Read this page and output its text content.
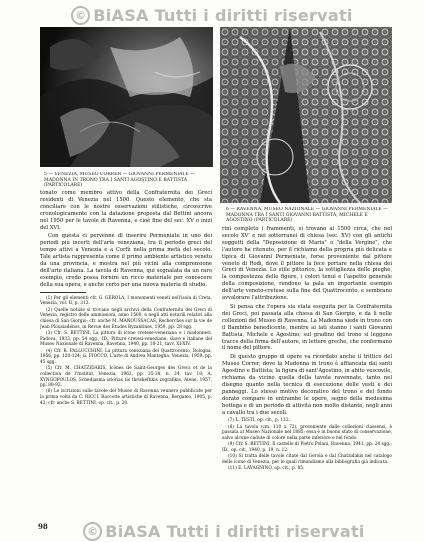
© BiASA Tutti i diritti riservati
5 — VENEZIA, MUSEO CORRER — GIOVANNI PERMENIATE — MADONNA IN TRONO TRA I SANTI AGOSTINO E BATTISTA (PARTICOLARE)
6 — RAVENNA, MUSEO NAZIONALE — GIOVANNI PERMENIATE — MADONNA TRA I SANTI GIOVANNI BATTISTA, MICHELE E AGOSTINO (PARTICOLARE)

tonato come membro attivo della Confraternita dei Greci residenti di Venezia nel 1500. Questo elemento, che sta conciliare con le nostre osservazioni stilistiche, circoscrive cronologicamente con la datazione proposta dal Bettini ancora nel 1950 per le tavole di Ravenna, e cioè fine del sec. XV o inizi del XVI.

Con questa ci pervenne di inserire Permeniate in uno dei periodi più incerti dell'arte veneziana, tra il periodo greci del tempo attivi a Venezia e a Corfù nella prima metà del secolo. Tale artista rappresenta come il primo ambiente artistico veneto da una provincia, e mostra nel più vicini alla comprensione dell'arte italiana. La tavola di Ravenna, qui segnalata da un raro esempio, credo possa fornire un ricco materiale per conoscere della sua opera, e anche certo per una nuova materia di studio.

(1) Per gli elementi cfr. G. GEROLA, I monumenti veneti nell'isola di Creta, Venezia, vol. II, p. 313.

(2) Quelle notizie si trovano negli archivi della Confraternita dei Greci di Venezia, registro delle ammissioni, anno 1500, e negli atti notarili relativi alla chiesa di San Giorgio; cfr. anche M. MANOUSSACAS, Recherches sur la vie de Jean Plousiadénos, in Revue des Études Byzantines, 1959, pp. 28 sgg.

(3) Cfr. S. BETTINI, La pittura di icone cretese-veneziana e i madonneri, Padova, 1933, pp. 54 sgg.; ID., Pitture cretesi-veneziane, slave e italiane del Museo Nazionale di Ravenna, Ravenna, 1940, pp. 18-21, tavv. XI-XIV.

(4) Cfr. R. PALLUCCHINI, La pittura veneziana del Quattrocento, Bologna, 1956, pp. 120-124; G. FIOCCO, L'arte di Andrea Mantegna, Venezia, 1959, pp. 45 sgg.

(5) Cfr. M. CHATZIDAKIS, Icônes de Saint-Georges des Grecs et de la collection de l'Institut, Venezia, 1962, pp. 35-38, n. 24, tav. 18; A. XYNGOPOULOS, Schediasma istorias tis thriskeftikis zografikis, Atene, 1957, pp. 88-92.

(6) Le iscrizioni sulle tavole del Museo di Ravenna vennero pubblicate per la prima volta da C. RICCI, Raccolte artistiche di Ravenna, Bergamo, 1905, p. 42; cfr. anche S. BETTINI, op. cit., p. 20.

rini completo i frammenti, si trovano al 1500 circa, che nel secolo XV' e nei sotterranei di chiesa (sec. XV) con gli antichi soggetti della "Deposizione di Maria" o "della Vergine", che l'autore ha ritenuto, per il richiamo della propria più delicata e tipica di Giovanni Permeniate, forse proveniente dal pittore veneto di Rodi, dove il pittore la fece portare nella chiesa dei Greci di Venezia. Lo stile pittorico, la sottigliezza delle pieghe, la compostezza delle figure, i colori tenui e l'aspetto generale della composizione, rendono la pala un importante esempio dell'arte veneto-cretese sulla fine del Quattrocento, e sembrano avvalorare l'attribuzione.

Si pensa che l'opera sia stata eseguita per la Confraternita dei Greci, poi passata alla chiesa di San Giorgio, e da lì nelle collezioni del Museo di Ravenna. La Madonna siede in trono con il Bambino benedicente, mentre ai lati stanno i santi Giovanni Battista, Michele e Agostino; sul gradino del trono si leggono tracce della firma dell'autore, in lettere greche, che confermano il nome del pittore.

Di questo gruppo di opere va ricordato anche il trittico del Museo Correr, dove la Madonna in trono è affiancata dai santi Agostino e Battista; la figura di sant'Agostino, in abito vescovile, richiama da vicino quella della tavola ravennate, tanto nel disegno quanto nella tecnica di esecuzione delle vesti e dei panneggi. Lo stesso motivo decorativo del trono e del fondo dorato compare in entrambe le opere, segno della medesima bottega e di un periodo di attività non molto distante, negli anni a cavallo tra i due secoli.

(7) L. TESTI, op. cit., p. 112.

(8) La tavola (cm. 110 x 72), proveniente dalle collezioni classensi, è passata al Museo Nazionale nel 1885; essa è in buono stato di conservazione, salvo alcune cadute di colore nella parte inferiore e nel fondo.

(9) Cfr. S. BETTINI, Il castello di Pietro Polani, Ravenna, 1941, pp. 24 sgg.; ID., op. cit., 1940, p. 19, n. 12.

(10) Si tratta delle tavole citate dal Gerola e dal Chatzidakis nel catalogo delle icone di Venezia, per le quali rimandiamo alla bibliografia già indicata.

(11) E. LAVAGNINO, op. cit., p. 85.

98	© BiASA Tutti i diritti riservati
